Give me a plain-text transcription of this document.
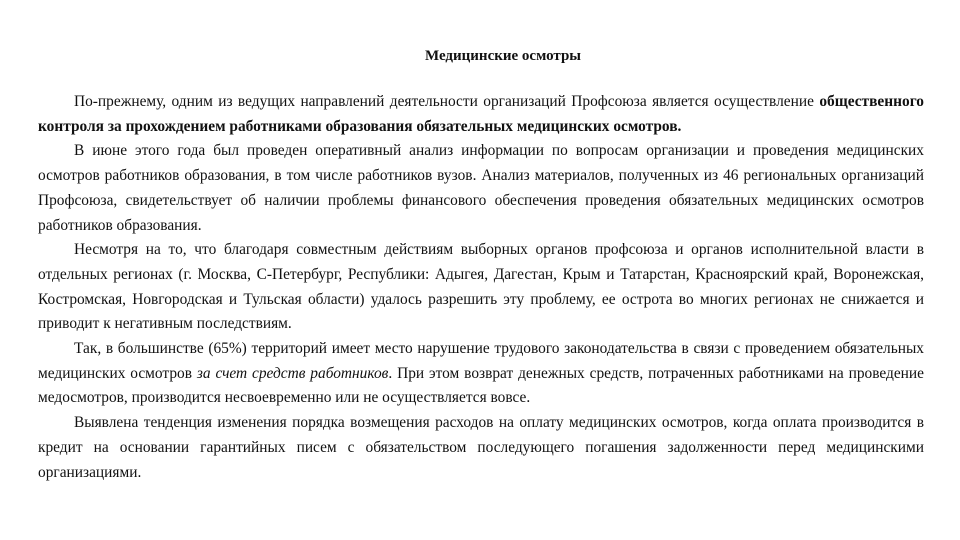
Медицинские осмотры

По-прежнему, одним из ведущих направлений деятельности организаций Профсоюза является осуществление общественного контроля за прохождением работниками образования обязательных медицинских осмотров.

В июне этого года был проведен оперативный анализ информации по вопросам организации и проведения медицинских осмотров работников образования, в том числе работников вузов. Анализ материалов, полученных из 46 региональных организаций Профсоюза, свидетельствует об наличии проблемы финансового обеспечения проведения обязательных медицинских осмотров работников образования.

Несмотря на то, что благодаря совместным действиям выборных органов профсоюза и органов исполнительной власти в отдельных регионах (г. Москва, С-Петербург, Республики: Адыгея, Дагестан, Крым и Татарстан, Красноярский край, Воронежская, Костромская, Новгородская и Тульская области) удалось разрешить эту проблему, ее острота во многих регионах не снижается и приводит к негативным последствиям.

Так, в большинстве (65%) территорий имеет место нарушение трудового законодательства в связи с проведением обязательных медицинских осмотров за счет средств работников. При этом возврат денежных средств, потраченных работниками на проведение медосмотров, производится несвоевременно или не осуществляется вовсе.

Выявлена тенденция изменения порядка возмещения расходов на оплату медицинских осмотров, когда оплата производится в кредит на основании гарантийных писем с обязательством последующего погашения задолженности перед медицинскими организациями.
